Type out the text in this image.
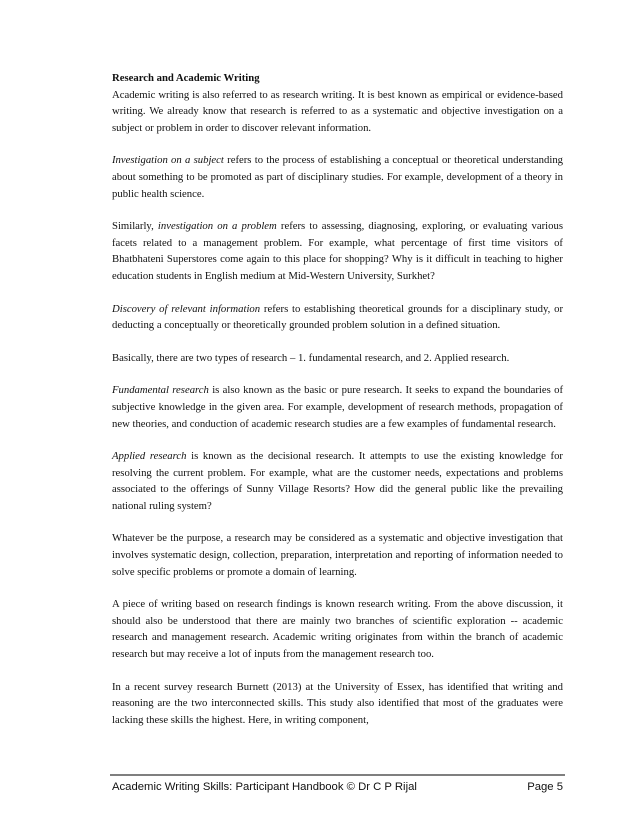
Research and Academic Writing

Academic writing is also referred to as research writing. It is best known as empirical or evidence-based writing. We already know that research is referred to as a systematic and objective investigation on a subject or problem in order to discover relevant information.

Investigation on a subject refers to the process of establishing a conceptual or theoretical understanding about something to be promoted as part of disciplinary studies. For example, development of a theory in public health science.

Similarly, investigation on a problem refers to assessing, diagnosing, exploring, or evaluating various facets related to a management problem. For example, what percentage of first time visitors of Bhatbhateni Superstores come again to this place for shopping? Why is it difficult in teaching to higher education students in English medium at Mid-Western University, Surkhet?

Discovery of relevant information refers to establishing theoretical grounds for a disciplinary study, or deducting a conceptually or theoretically grounded problem solution in a defined situation.

Basically, there are two types of research – 1. fundamental research, and 2. Applied research.

Fundamental research is also known as the basic or pure research. It seeks to expand the boundaries of subjective knowledge in the given area. For example, development of research methods, propagation of new theories, and conduction of academic research studies are a few examples of fundamental research.

Applied research is known as the decisional research. It attempts to use the existing knowledge for resolving the current problem. For example, what are the customer needs, expectations and problems associated to the offerings of Sunny Village Resorts? How did the general public like the prevailing national ruling system?

Whatever be the purpose, a research may be considered as a systematic and objective investigation that involves systematic design, collection, preparation, interpretation and reporting of information needed to solve specific problems or promote a domain of learning.

A piece of writing based on research findings is known research writing. From the above discussion, it should also be understood that there are mainly two branches of scientific exploration -- academic research and management research. Academic writing originates from within the branch of academic research but may receive a lot of inputs from the management research too.

In a recent survey research Burnett (2013) at the University of Essex, has identified that writing and reasoning are the two interconnected skills. This study also identified that most of the graduates were lacking these skills the highest. Here, in writing component,

Academic Writing Skills: Participant Handbook © Dr C P Rijal	Page 5
